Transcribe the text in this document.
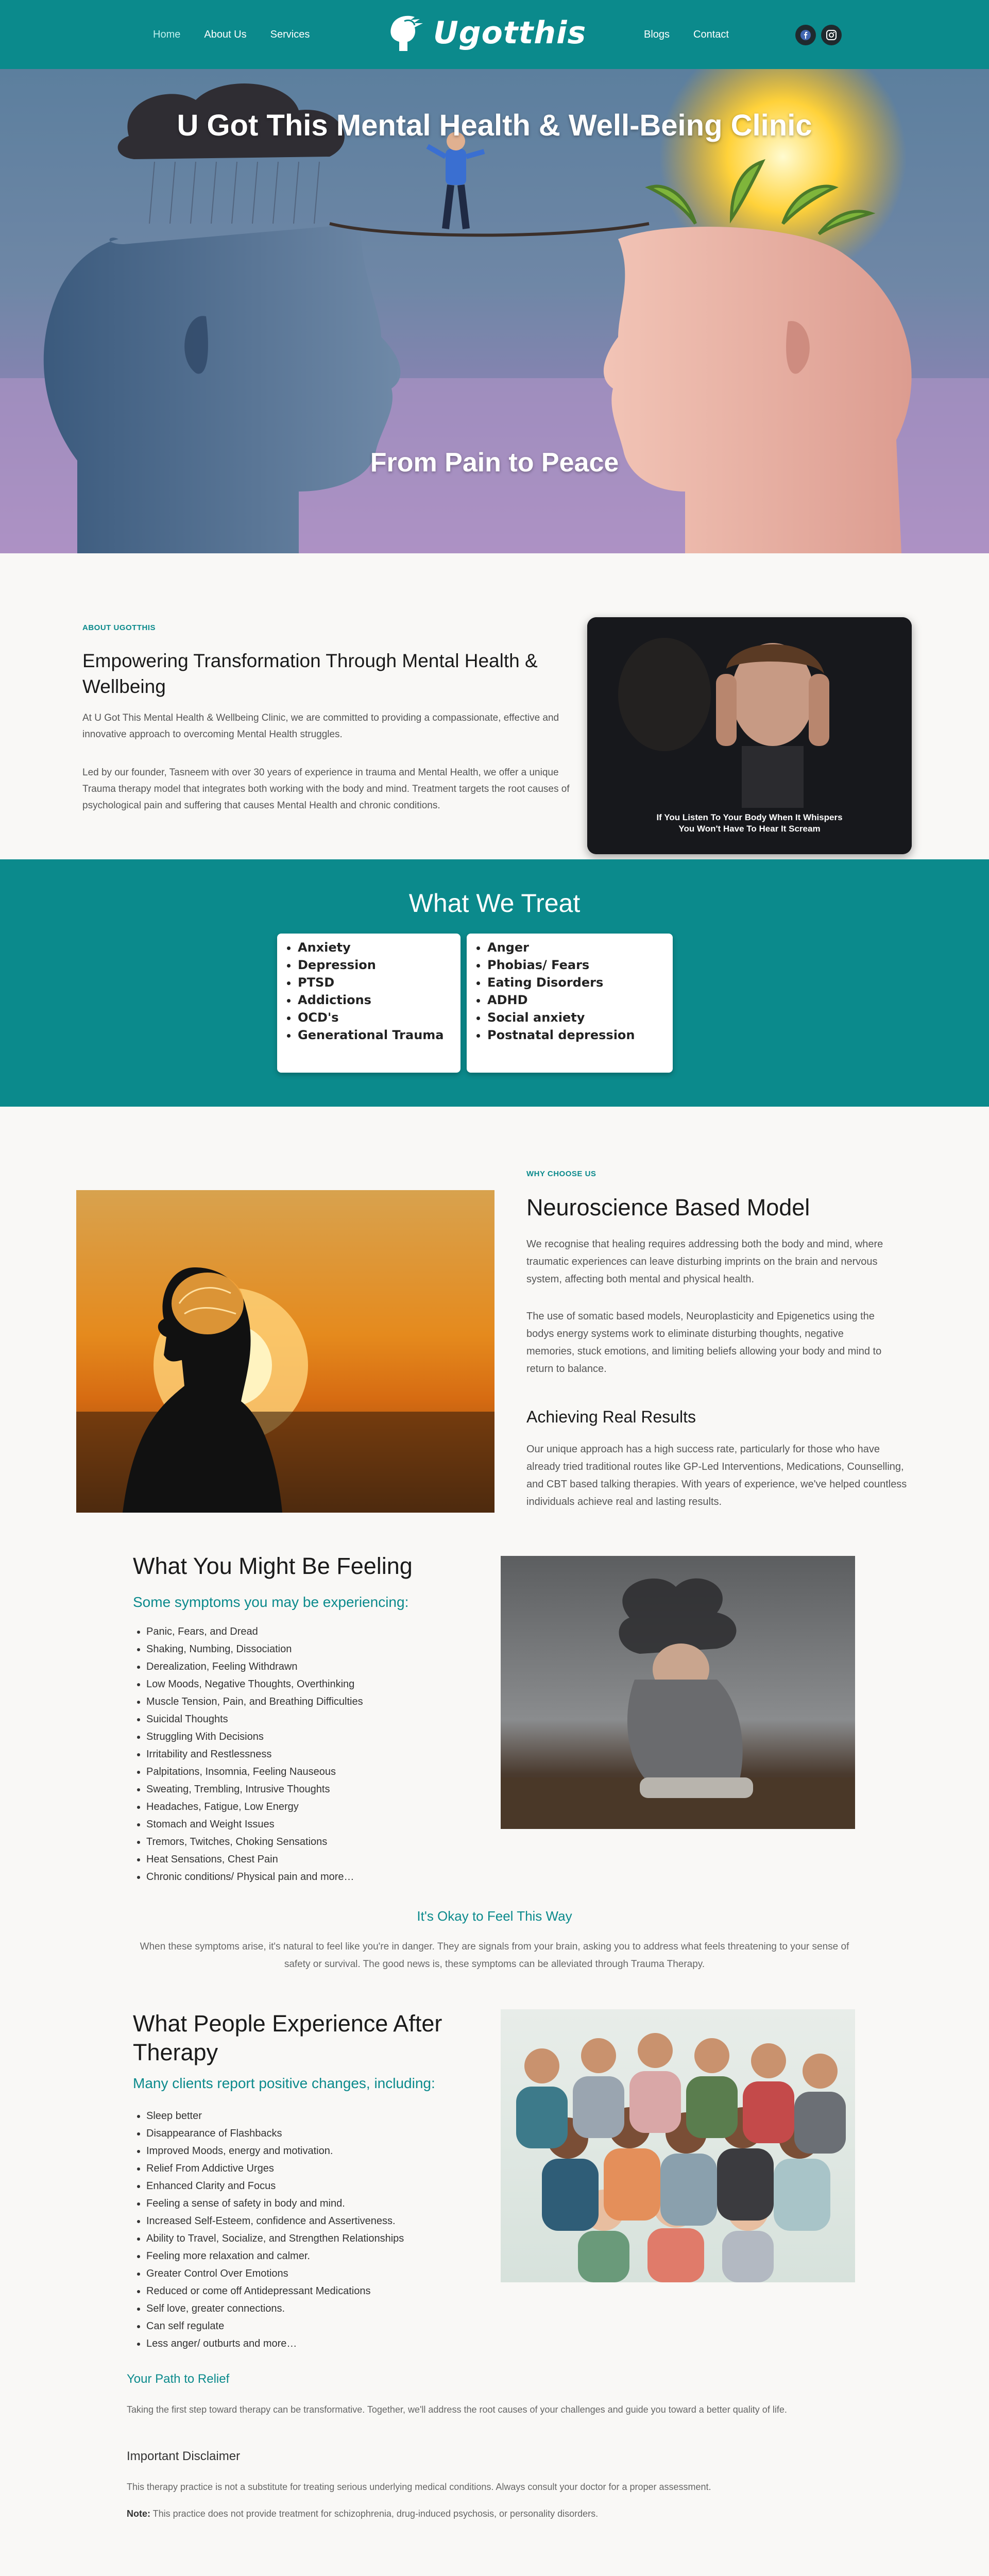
Home About Us Services	Ugotthis	Blogs Contact
U Got This Mental Health & Well-Being Clinic
From Pain to Peace
ABOUT UGOTTHIS
Empowering Transformation Through Mental Health & Wellbeing
At U Got This Mental Health & Wellbeing Clinic, we are committed to providing a compassionate, effective and innovative approach to overcoming Mental Health struggles.
Led by our founder, Tasneem with over 30 years of experience in trauma and Mental Health, we offer a unique Trauma therapy model that integrates both working with the body and mind. Treatment targets the root causes of psychological pain and suffering that causes Mental Health and chronic conditions.
If You Listen To Your Body When It Whispers
You Won't Have To Hear It Scream
What We Treat
• Anxiety
• Depression
• PTSD
• Addictions
• OCD's
• Generational Trauma
• Anger
• Phobias/ Fears
• Eating Disorders
• ADHD
• Social anxiety
• Postnatal depression
WHY CHOOSE US
Neuroscience Based Model
We recognise that healing requires addressing both the body and mind, where traumatic experiences can leave disturbing imprints on the brain and nervous system, affecting both mental and physical health.
The use of somatic based models, Neuroplasticity and Epigenetics using the bodys energy systems work to eliminate disturbing thoughts, negative memories, stuck emotions, and limiting beliefs allowing your body and mind to return to balance.
Achieving Real Results
Our unique approach has a high success rate, particularly for those who have already tried traditional routes like GP-Led Interventions, Medications, Counselling, and CBT based talking therapies. With years of experience, we've helped countless individuals achieve real and lasting results.
What You Might Be Feeling
Some symptoms you may be experiencing:
• Panic, Fears, and Dread
• Shaking, Numbing, Dissociation
• Derealization, Feeling Withdrawn
• Low Moods, Negative Thoughts, Overthinking
• Muscle Tension, Pain, and Breathing Difficulties
• Suicidal Thoughts
• Struggling With Decisions
• Irritability and Restlessness
• Palpitations, Insomnia, Feeling Nauseous
• Sweating, Trembling, Intrusive Thoughts
• Headaches, Fatigue, Low Energy
• Stomach and Weight Issues
• Tremors, Twitches, Choking Sensations
• Heat Sensations, Chest Pain
• Chronic conditions/ Physical pain and more…
It's Okay to Feel This Way
When these symptoms arise, it's natural to feel like you're in danger. They are signals from your brain, asking you to address what feels threatening to your sense of safety or survival. The good news is, these symptoms can be alleviated through Trauma Therapy.
What People Experience After Therapy
Many clients report positive changes, including:
• Sleep better
• Disappearance of Flashbacks
• Improved Moods, energy and motivation.
• Relief From Addictive Urges
• Enhanced Clarity and Focus
• Feeling a sense of safety in body and mind.
• Increased Self-Esteem, confidence and Assertiveness.
• Ability to Travel, Socialize, and Strengthen Relationships
• Feeling more relaxation and calmer.
• Greater Control Over Emotions
• Reduced or come off Antidepressant Medications
• Self love, greater connections.
• Can self regulate
• Less anger/ outburts and more…
Your Path to Relief
Taking the first step toward therapy can be transformative. Together, we'll address the root causes of your challenges and guide you toward a better quality of life.
Important Disclaimer
This therapy practice is not a substitute for treating serious underlying medical conditions. Always consult your doctor for a proper assessment.
Note: This practice does not provide treatment for schizophrenia, drug-induced psychosis, or personality disorders.
